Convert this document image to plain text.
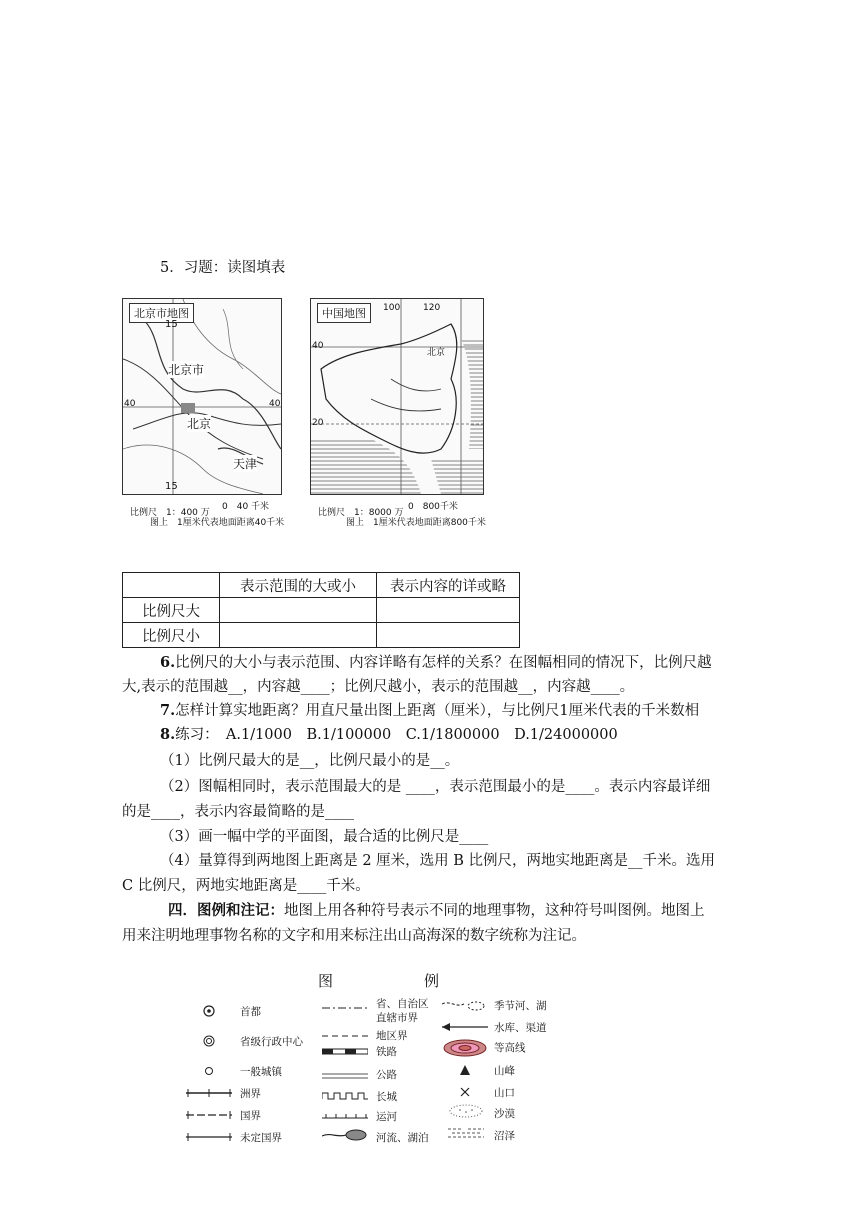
5．习题：读图填表
北京市地图
15
15
40	40
北京市
北京
天津
比例尺　1：400 万
0　40 千米
图上　1厘米代表地面距离40千米
中国地图	100	120
40
20
北京
比例尺　1：8000 万
0　800千米
图上　1厘米代表地面距离800千米
	表示范围的大或小	表示内容的详或略
比例尺大		
比例尺小		
6.比例尺的大小与表示范围、内容详略有怎样的关系？在图幅相同的情况下，比例尺越
大,表示的范围越__，内容越____；比例尺越小，表示的范围越__，内容越____。
7.怎样计算实地距离？用直尺量出图上距离（厘米），与比例尺1厘米代表的千米数相
8.练习：　A.1/1000　B.1/100000　C.1/1800000　D.1/24000000
（1）比例尺最大的是__，比例尺最小的是__。
（2）图幅相同时，表示范围最大的是 ____，表示范围最小的是____。表示内容最详细
的是____，表示内容最简略的是____
（3）画一幅中学的平面图，最合适的比例尺是____
（4）量算得到两地图上距离是 2 厘米，选用 B 比例尺，两地实地距离是__千米。选用
C 比例尺，两地实地距离是____千米。
四．图例和注记：地图上用各种符号表示不同的地理事物，这种符号叫图例。地图上
用来注明地理事物名称的文字和用来标注出山高海深的数字统称为注记。
图	例
首都
省级行政中心
一般城镇
洲界
国界
未定国界
省、自治区
直辖市界
地区界
铁路
公路
长城
运河
河流、湖泊
季节河、湖
水库、渠道
等高线
山峰
山口
沙漠
沼泽
